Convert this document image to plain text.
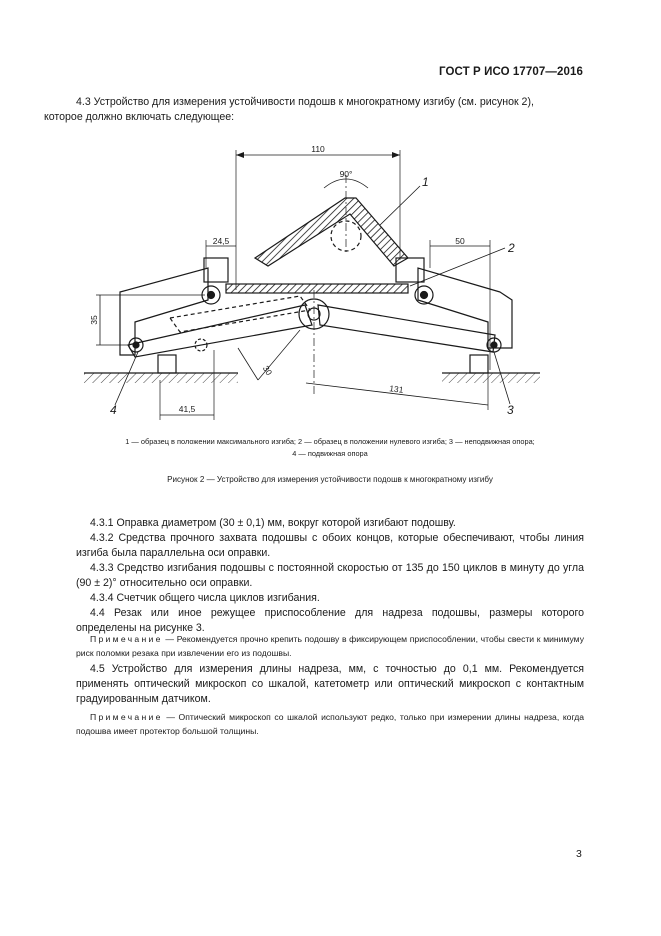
ГОСТ Р ИСО 17707—2016
4.3 Устройство для измерения устойчивости подошв к многократному изгибу (см. рисунок 2),
которое должно включать следующее:
110
90°
24,5	50
35
30
131
41,5
1
2
3
4
1 — образец в положении максимального изгиба; 2 — образец в положении нулевого изгиба; 3 — неподвижная опора;
4 — подвижная опора
Рисунок 2 — Устройство для измерения устойчивости подошв к многократному изгибу
4.3.1 Оправка диаметром (30 ± 0,1) мм, вокруг которой изгибают подошву.
4.3.2 Средства прочного захвата подошвы с обоих концов, которые обеспечивают, чтобы линия изгиба была параллельна оси оправки.
4.3.3 Средство изгибания подошвы с постоянной скоростью от 135 до 150 циклов в минуту до угла (90 ± 2)° относительно оси оправки.
4.3.4 Счетчик общего числа циклов изгибания.
4.4 Резак или иное режущее приспособление для надреза подошвы, размеры которого определены на рисунке 3.
Примечание — Рекомендуется прочно крепить подошву в фиксирующем приспособлении, чтобы свести к минимуму риск поломки резака при извлечении его из подошвы.
4.5 Устройство для измерения длины надреза, мм, с точностью до 0,1 мм. Рекомендуется применять оптический микроскоп со шкалой, катетометр или оптический микроскоп с контактным градуированным датчиком.
Примечание — Оптический микроскоп со шкалой используют редко, только при измерении длины надреза, когда подошва имеет протектор большой толщины.
3
